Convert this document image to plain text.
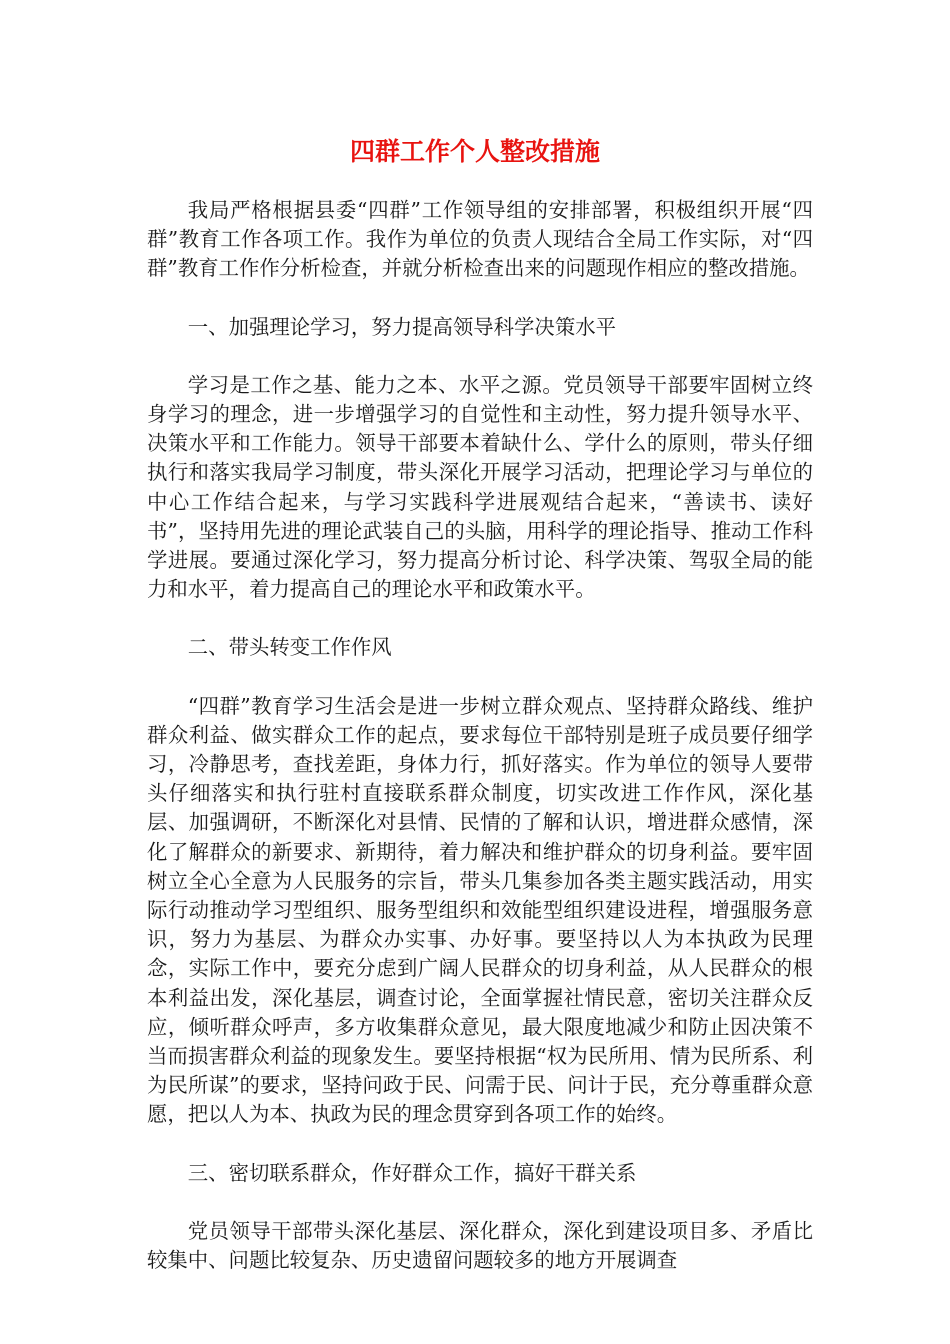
四群工作个人整改措施

我局严格根据县委“四群”工作领导组的安排部署，积极组织开展“四群”教育工作各项工作。我作为单位的负责人现结合全局工作实际，对“四群”教育工作作分析检查，并就分析检查出来的问题现作相应的整改措施。

一、加强理论学习，努力提高领导科学决策水平

学习是工作之基、能力之本、水平之源。党员领导干部要牢固树立终身学习的理念，进一步增强学习的自觉性和主动性，努力提升领导水平、决策水平和工作能力。领导干部要本着缺什么、学什么的原则，带头仔细执行和落实我局学习制度，带头深化开展学习活动，把理论学习与单位的中心工作结合起来，与学习实践科学进展观结合起来，“善读书、读好书”，坚持用先进的理论武装自己的头脑，用科学的理论指导、推动工作科学进展。要通过深化学习，努力提高分析讨论、科学决策、驾驭全局的能力和水平，着力提高自己的理论水平和政策水平。

二、带头转变工作作风

“四群”教育学习生活会是进一步树立群众观点、坚持群众路线、维护群众利益、做实群众工作的起点，要求每位干部特别是班子成员要仔细学习，冷静思考，查找差距，身体力行，抓好落实。作为单位的领导人要带头仔细落实和执行驻村直接联系群众制度，切实改进工作作风，深化基层、加强调研，不断深化对县情、民情的了解和认识，增进群众感情，深化了解群众的新要求、新期待，着力解决和维护群众的切身利益。要牢固树立全心全意为人民服务的宗旨，带头几集参加各类主题实践活动，用实际行动推动学习型组织、服务型组织和效能型组织建设进程，增强服务意识，努力为基层、为群众办实事、办好事。要坚持以人为本执政为民理念，实际工作中，要充分虑到广阔人民群众的切身利益，从人民群众的根本利益出发，深化基层，调查讨论，全面掌握社情民意，密切关注群众反应，倾听群众呼声，多方收集群众意见，最大限度地减少和防止因决策不当而损害群众利益的现象发生。要坚持根据“权为民所用、情为民所系、利为民所谋”的要求，坚持问政于民、问需于民、问计于民，充分尊重群众意愿，把以人为本、执政为民的理念贯穿到各项工作的始终。

三、密切联系群众，作好群众工作，搞好干群关系

党员领导干部带头深化基层、深化群众，深化到建设项目多、矛盾比较集中、问题比较复杂、历史遗留问题较多的地方开展调查
